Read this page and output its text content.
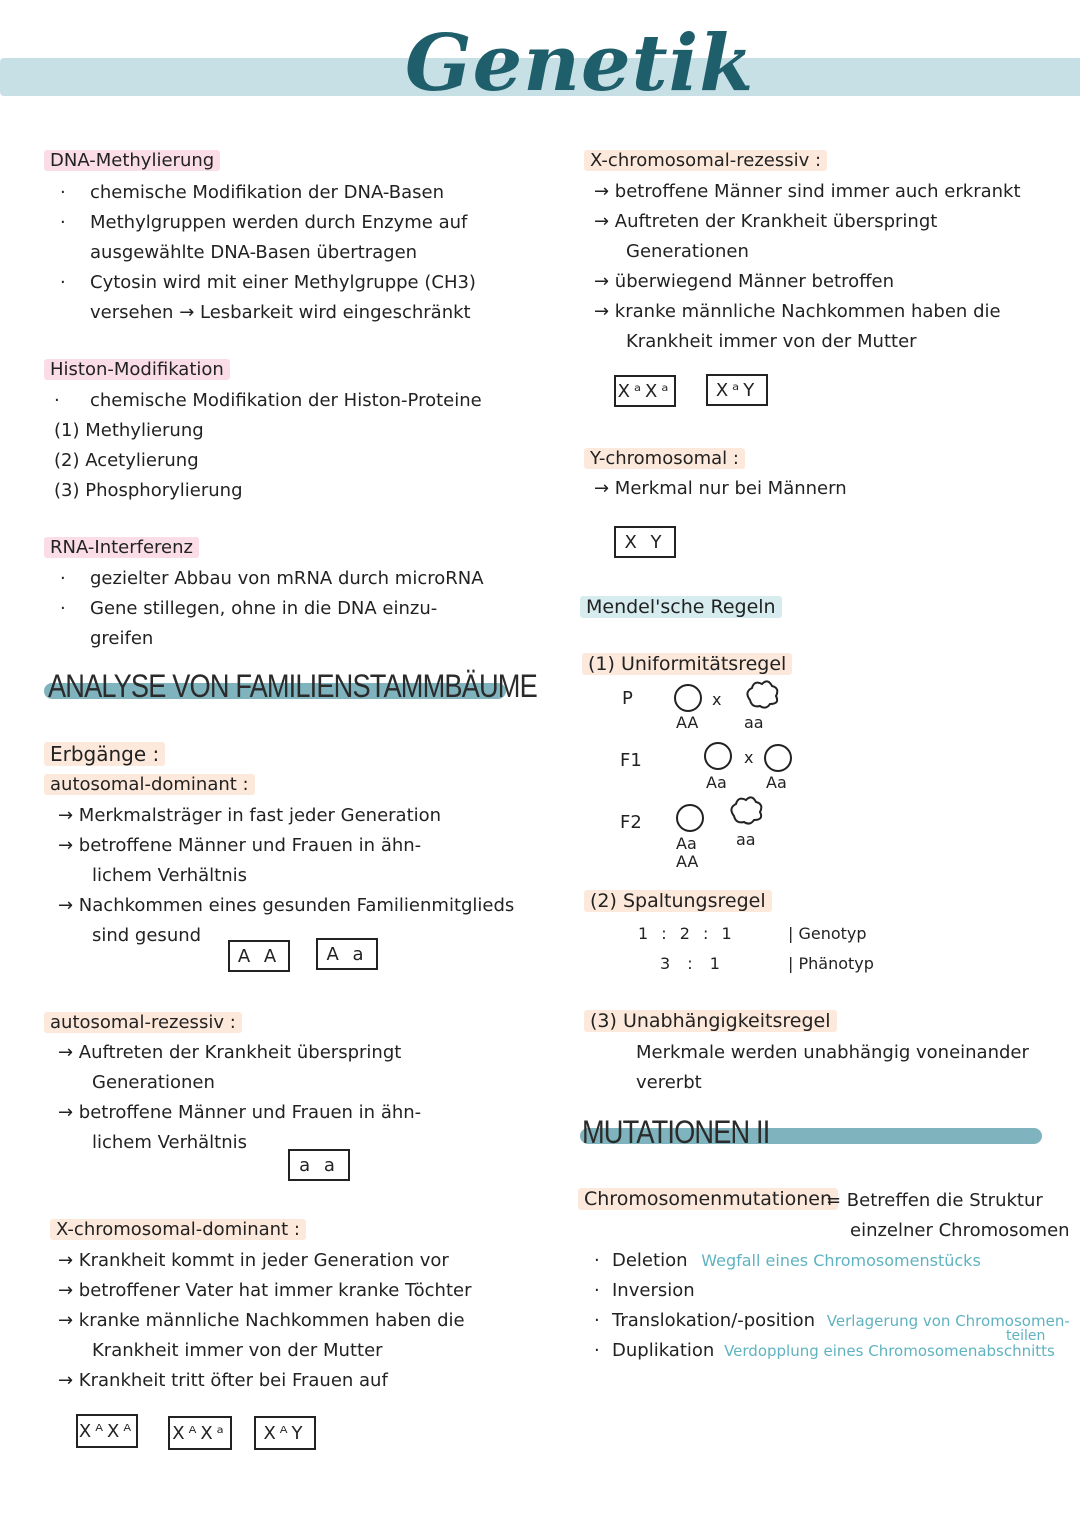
Genetik
DNA-Methylierung
· chemische Modifikation der DNA-Basen
· Methylgruppen werden durch Enzyme auf
ausgewählte DNA-Basen übertragen
· Cytosin wird mit einer Methylgruppe (CH3)
versehen → Lesbarkeit wird eingeschränkt
Histon-Modifikation
· chemische Modifikation der Histon-Proteine
(1) Methylierung
(2) Acetylierung
(3) Phosphorylierung
RNA-Interferenz
· gezielter Abbau von mRNA durch microRNA
· Gene stillegen, ohne in die DNA einzu-
greifen
ANALYSE VON FAMILIENSTAMMBÄUME
Erbgänge :
autosomal-dominant :
→ Merkmalsträger in fast jeder Generation
→ betroffene Männer und Frauen in ähn-
lichem Verhältnis
→ Nachkommen eines gesunden Familienmitglieds
sind gesund
A A	A a
autosomal-rezessiv :
→ Auftreten der Krankheit überspringt
Generationen
→ betroffene Männer und Frauen in ähn-
lichem Verhältnis
a a
X-chromosomal-dominant :
→ Krankheit kommt in jeder Generation vor
→ betroffener Vater hat immer kranke Töchter
→ kranke männliche Nachkommen haben die
Krankheit immer von der Mutter
→ Krankheit tritt öfter bei Frauen auf
XᴬXᴬ XᴬXᵃ	XᴬY
X-chromosomal-rezessiv :
→ betroffene Männer sind immer auch erkrankt
→ Auftreten der Krankheit überspringt
Generationen
→ überwiegend Männer betroffen
→ kranke männliche Nachkommen haben die
Krankheit immer von der Mutter
XᵃXᵃ	XᵃY
Y-chromosomal :
→ Merkmal nur bei Männern
X Y
Mendel'sche Regeln
(1) Uniformitätsregel
P	x
AA	aa
F1	x
Aa Aa
F2
Aa
AA
aa
(2) Spaltungsregel
1 : 2 : 1	| Genotyp
3 : 1	| Phänotyp
(3) Unabhängigkeitsregel
Merkmale werden unabhängig voneinander
vererbt
MUTATIONEN II
Chromosomenmutationen
= Betreffen die Struktur
einzelner Chromosomen
· Deletion Wegfall eines Chromosomenstücks
· Inversion
· Translokation/-position Verlagerung von Chromosomen-
· Duplikation Verdopplung eines Chromosomenabschnitts
teilen
